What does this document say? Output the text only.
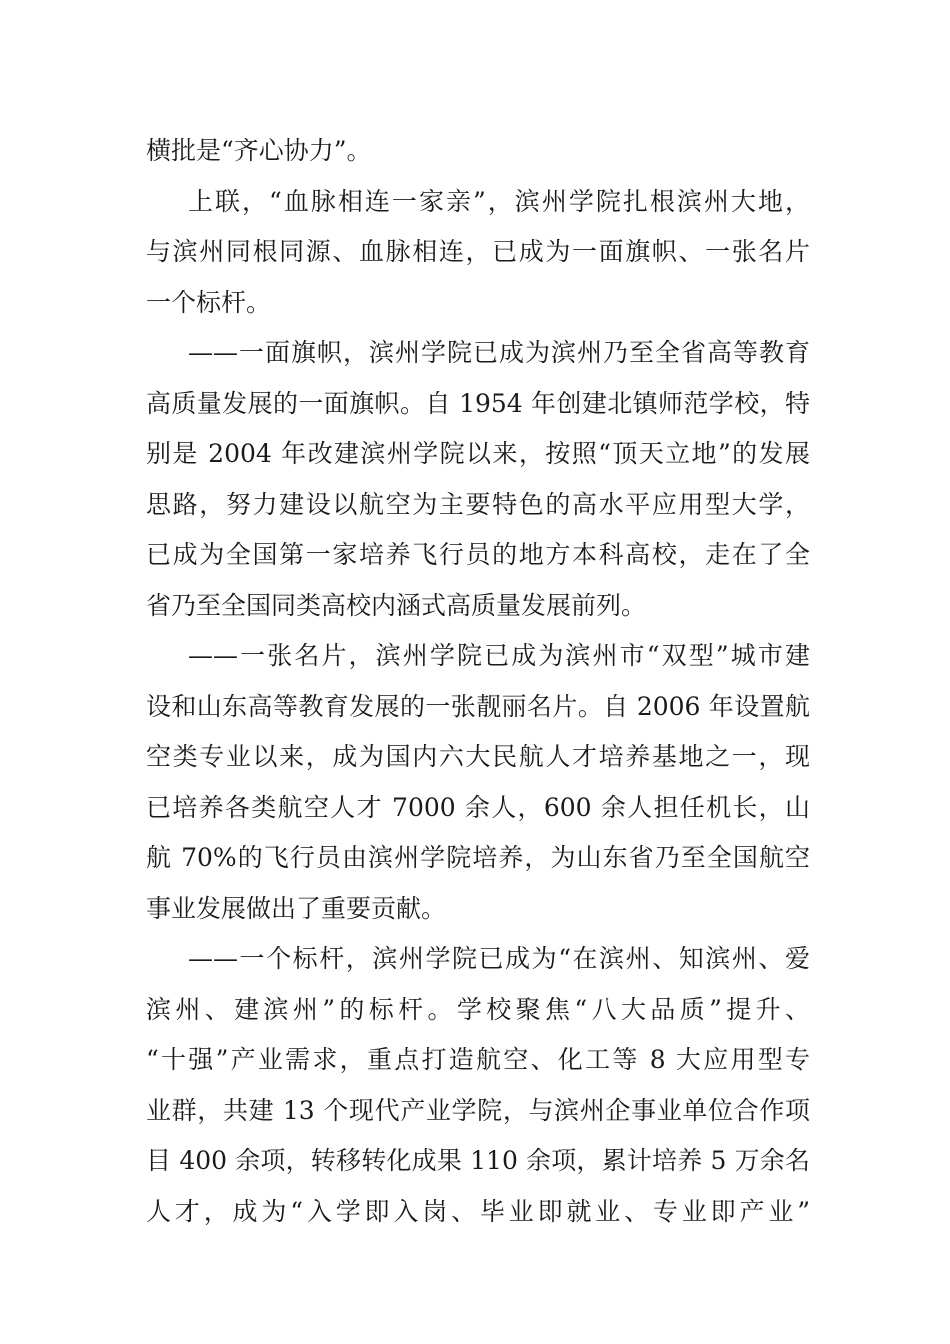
横批是“齐心协力”。
上联，“血脉相连一家亲”，滨州学院扎根滨州大地，
与滨州同根同源、血脉相连，已成为一面旗帜、一张名片
一个标杆。
——一面旗帜，滨州学院已成为滨州乃至全省高等教育
高质量发展的一面旗帜。自 1954 年创建北镇师范学校，特
别是 2004 年改建滨州学院以来，按照“顶天立地”的发展
思路，努力建设以航空为主要特色的高水平应用型大学，
已成为全国第一家培养飞行员的地方本科高校，走在了全
省乃至全国同类高校内涵式高质量发展前列。
——一张名片，滨州学院已成为滨州市“双型”城市建
设和山东高等教育发展的一张靓丽名片。自 2006 年设置航
空类专业以来，成为国内六大民航人才培养基地之一，现
已培养各类航空人才 7000 余人，600 余人担任机长，山
航 70%的飞行员由滨州学院培养，为山东省乃至全国航空
事业发展做出了重要贡献。
——一个标杆，滨州学院已成为“在滨州、知滨州、爱
滨州、建滨州”的标杆。学校聚焦“八大品质”提升、
“十强”产业需求，重点打造航空、化工等 8 大应用型专
业群，共建 13 个现代产业学院，与滨州企事业单位合作项
目 400 余项，转移转化成果 110 余项，累计培养 5 万余名
人才，成为“入学即入岗、毕业即就业、专业即产业”
